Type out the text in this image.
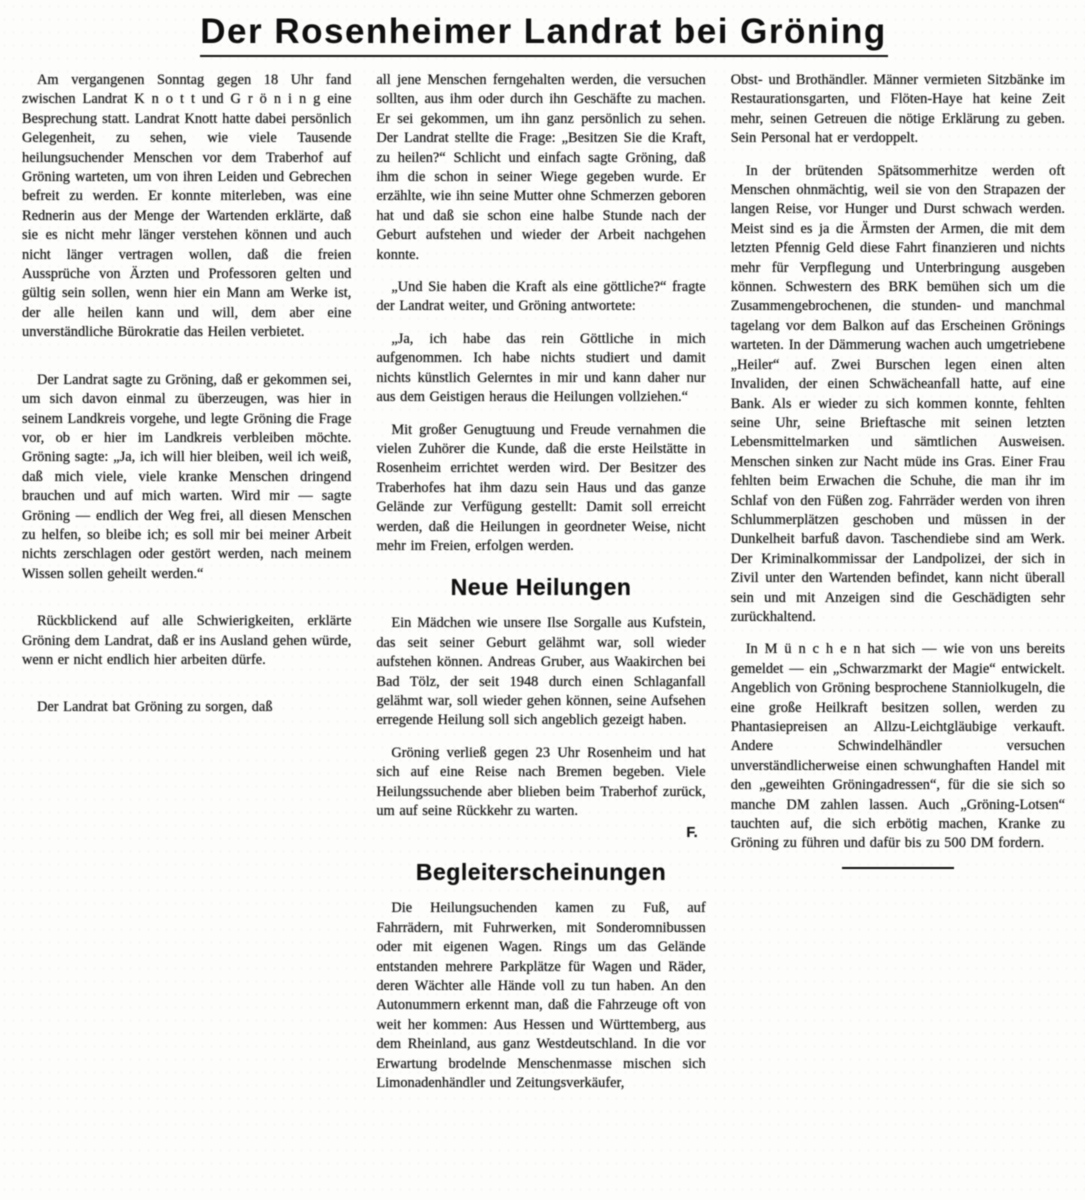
Der Rosenheimer Landrat bei Gröning

Am vergangenen Sonntag gegen 18 Uhr fand zwischen Landrat K n o t t und G r ö n i n g eine Besprechung statt. Landrat Knott hatte dabei persönlich Gelegenheit, zu sehen, wie viele Tausende heilungsuchender Menschen vor dem Traberhof auf Gröning warteten, um von ihren Leiden und Gebrechen befreit zu werden. Er konnte miterleben, was eine Rednerin aus der Menge der Wartenden erklärte, daß sie es nicht mehr länger verstehen können und auch nicht länger vertragen wollen, daß die freien Aussprüche von Ärzten und Professoren gelten und gültig sein sollen, wenn hier ein Mann am Werke ist, der alle heilen kann und will, dem aber eine unverständliche Bürokratie das Heilen verbietet.

Der Landrat sagte zu Gröning, daß er gekommen sei, um sich davon einmal zu überzeugen, was hier in seinem Landkreis vorgehe, und legte Gröning die Frage vor, ob er hier im Landkreis verbleiben möchte. Gröning sagte: „Ja, ich will hier bleiben, weil ich weiß, daß mich viele, viele kranke Menschen dringend brauchen und auf mich warten. Wird mir — sagte Gröning — endlich der Weg frei, all diesen Menschen zu helfen, so bleibe ich; es soll mir bei meiner Arbeit nichts zerschlagen oder gestört werden, nach meinem Wissen sollen geheilt werden.“

Rückblickend auf alle Schwierigkeiten, erklärte Gröning dem Landrat, daß er ins Ausland gehen würde, wenn er nicht endlich hier arbeiten dürfe.

Der Landrat bat Gröning zu sorgen, daß

all jene Menschen ferngehalten werden, die versuchen sollten, aus ihm oder durch ihn Geschäfte zu machen. Er sei gekommen, um ihn ganz persönlich zu sehen. Der Landrat stellte die Frage: „Besitzen Sie die Kraft, zu heilen?“ Schlicht und einfach sagte Gröning, daß ihm die schon in seiner Wiege gegeben wurde. Er erzählte, wie ihn seine Mutter ohne Schmerzen geboren hat und daß sie schon eine halbe Stunde nach der Geburt aufstehen und wieder der Arbeit nachgehen konnte.

„Und Sie haben die Kraft als eine göttliche?“ fragte der Landrat weiter, und Gröning antwortete:

„Ja, ich habe das rein Göttliche in mich aufgenommen. Ich habe nichts studiert und damit nichts künstlich Gelerntes in mir und kann daher nur aus dem Geistigen heraus die Heilungen vollziehen.“

Mit großer Genugtuung und Freude vernahmen die vielen Zuhörer die Kunde, daß die erste Heilstätte in Rosenheim errichtet werden wird. Der Besitzer des Traberhofes hat ihm dazu sein Haus und das ganze Gelände zur Verfügung gestellt: Damit soll erreicht werden, daß die Heilungen in geordneter Weise, nicht mehr im Freien, erfolgen werden.

Neue Heilungen

Ein Mädchen wie unsere Ilse Sorgalle aus Kufstein, das seit seiner Geburt gelähmt war, soll wieder aufstehen können. Andreas Gruber, aus Waakirchen bei Bad Tölz, der seit 1948 durch einen Schlaganfall gelähmt war, soll wieder gehen können, seine Aufsehen erregende Heilung soll sich angeblich gezeigt haben.

Gröning verließ gegen 23 Uhr Rosenheim und hat sich auf eine Reise nach Bremen begeben. Viele Heilungssuchende aber blieben beim Traberhof zurück, um auf seine Rückkehr zu warten.

F.
Begleiterscheinungen

Die Heilungsuchenden kamen zu Fuß, auf Fahrrädern, mit Fuhrwerken, mit Sonderomnibussen oder mit eigenen Wagen. Rings um das Gelände entstanden mehrere Parkplätze für Wagen und Räder, deren Wächter alle Hände voll zu tun haben. An den Autonummern erkennt man, daß die Fahrzeuge oft von weit her kommen: Aus Hessen und Württemberg, aus dem Rheinland, aus ganz Westdeutschland. In die vor Erwartung brodelnde Menschenmasse mischen sich Limonadenhändler und Zeitungsverkäufer,

Obst- und Brothändler. Männer vermieten Sitzbänke im Restaurationsgarten, und Flöten-Haye hat keine Zeit mehr, seinen Getreuen die nötige Erklärung zu geben. Sein Personal hat er verdoppelt.

In der brütenden Spätsommerhitze werden oft Menschen ohnmächtig, weil sie von den Strapazen der langen Reise, vor Hunger und Durst schwach werden. Meist sind es ja die Ärmsten der Armen, die mit dem letzten Pfennig Geld diese Fahrt finanzieren und nichts mehr für Verpflegung und Unterbringung ausgeben können. Schwestern des BRK bemühen sich um die Zusammengebrochenen, die stunden- und manchmal tagelang vor dem Balkon auf das Erscheinen Grönings warteten. In der Dämmerung wachen auch umgetriebene „Heiler“ auf. Zwei Burschen legen einen alten Invaliden, der einen Schwächeanfall hatte, auf eine Bank. Als er wieder zu sich kommen konnte, fehlten seine Uhr, seine Brieftasche mit seinen letzten Lebensmittelmarken und sämtlichen Ausweisen. Menschen sinken zur Nacht müde ins Gras. Einer Frau fehlten beim Erwachen die Schuhe, die man ihr im Schlaf von den Füßen zog. Fahrräder werden von ihren Schlummerplätzen geschoben und müssen in der Dunkelheit barfuß davon. Taschendiebe sind am Werk. Der Kriminalkommissar der Landpolizei, der sich in Zivil unter den Wartenden befindet, kann nicht überall sein und mit Anzeigen sind die Geschädigten sehr zurückhaltend.

In M ü n c h e n hat sich — wie von uns bereits gemeldet — ein „Schwarzmarkt der Magie“ entwickelt. Angeblich von Gröning besprochene Stanniolkugeln, die eine große Heilkraft besitzen sollen, werden zu Phantasiepreisen an Allzu-Leichtgläubige verkauft. Andere Schwindelhändler versuchen unverständlicherweise einen schwunghaften Handel mit den „geweihten Gröningadressen“, für die sie sich so manche DM zahlen lassen. Auch „Gröning-Lotsen“ tauchten auf, die sich erbötig machen, Kranke zu Gröning zu führen und dafür bis zu 500 DM fordern.
